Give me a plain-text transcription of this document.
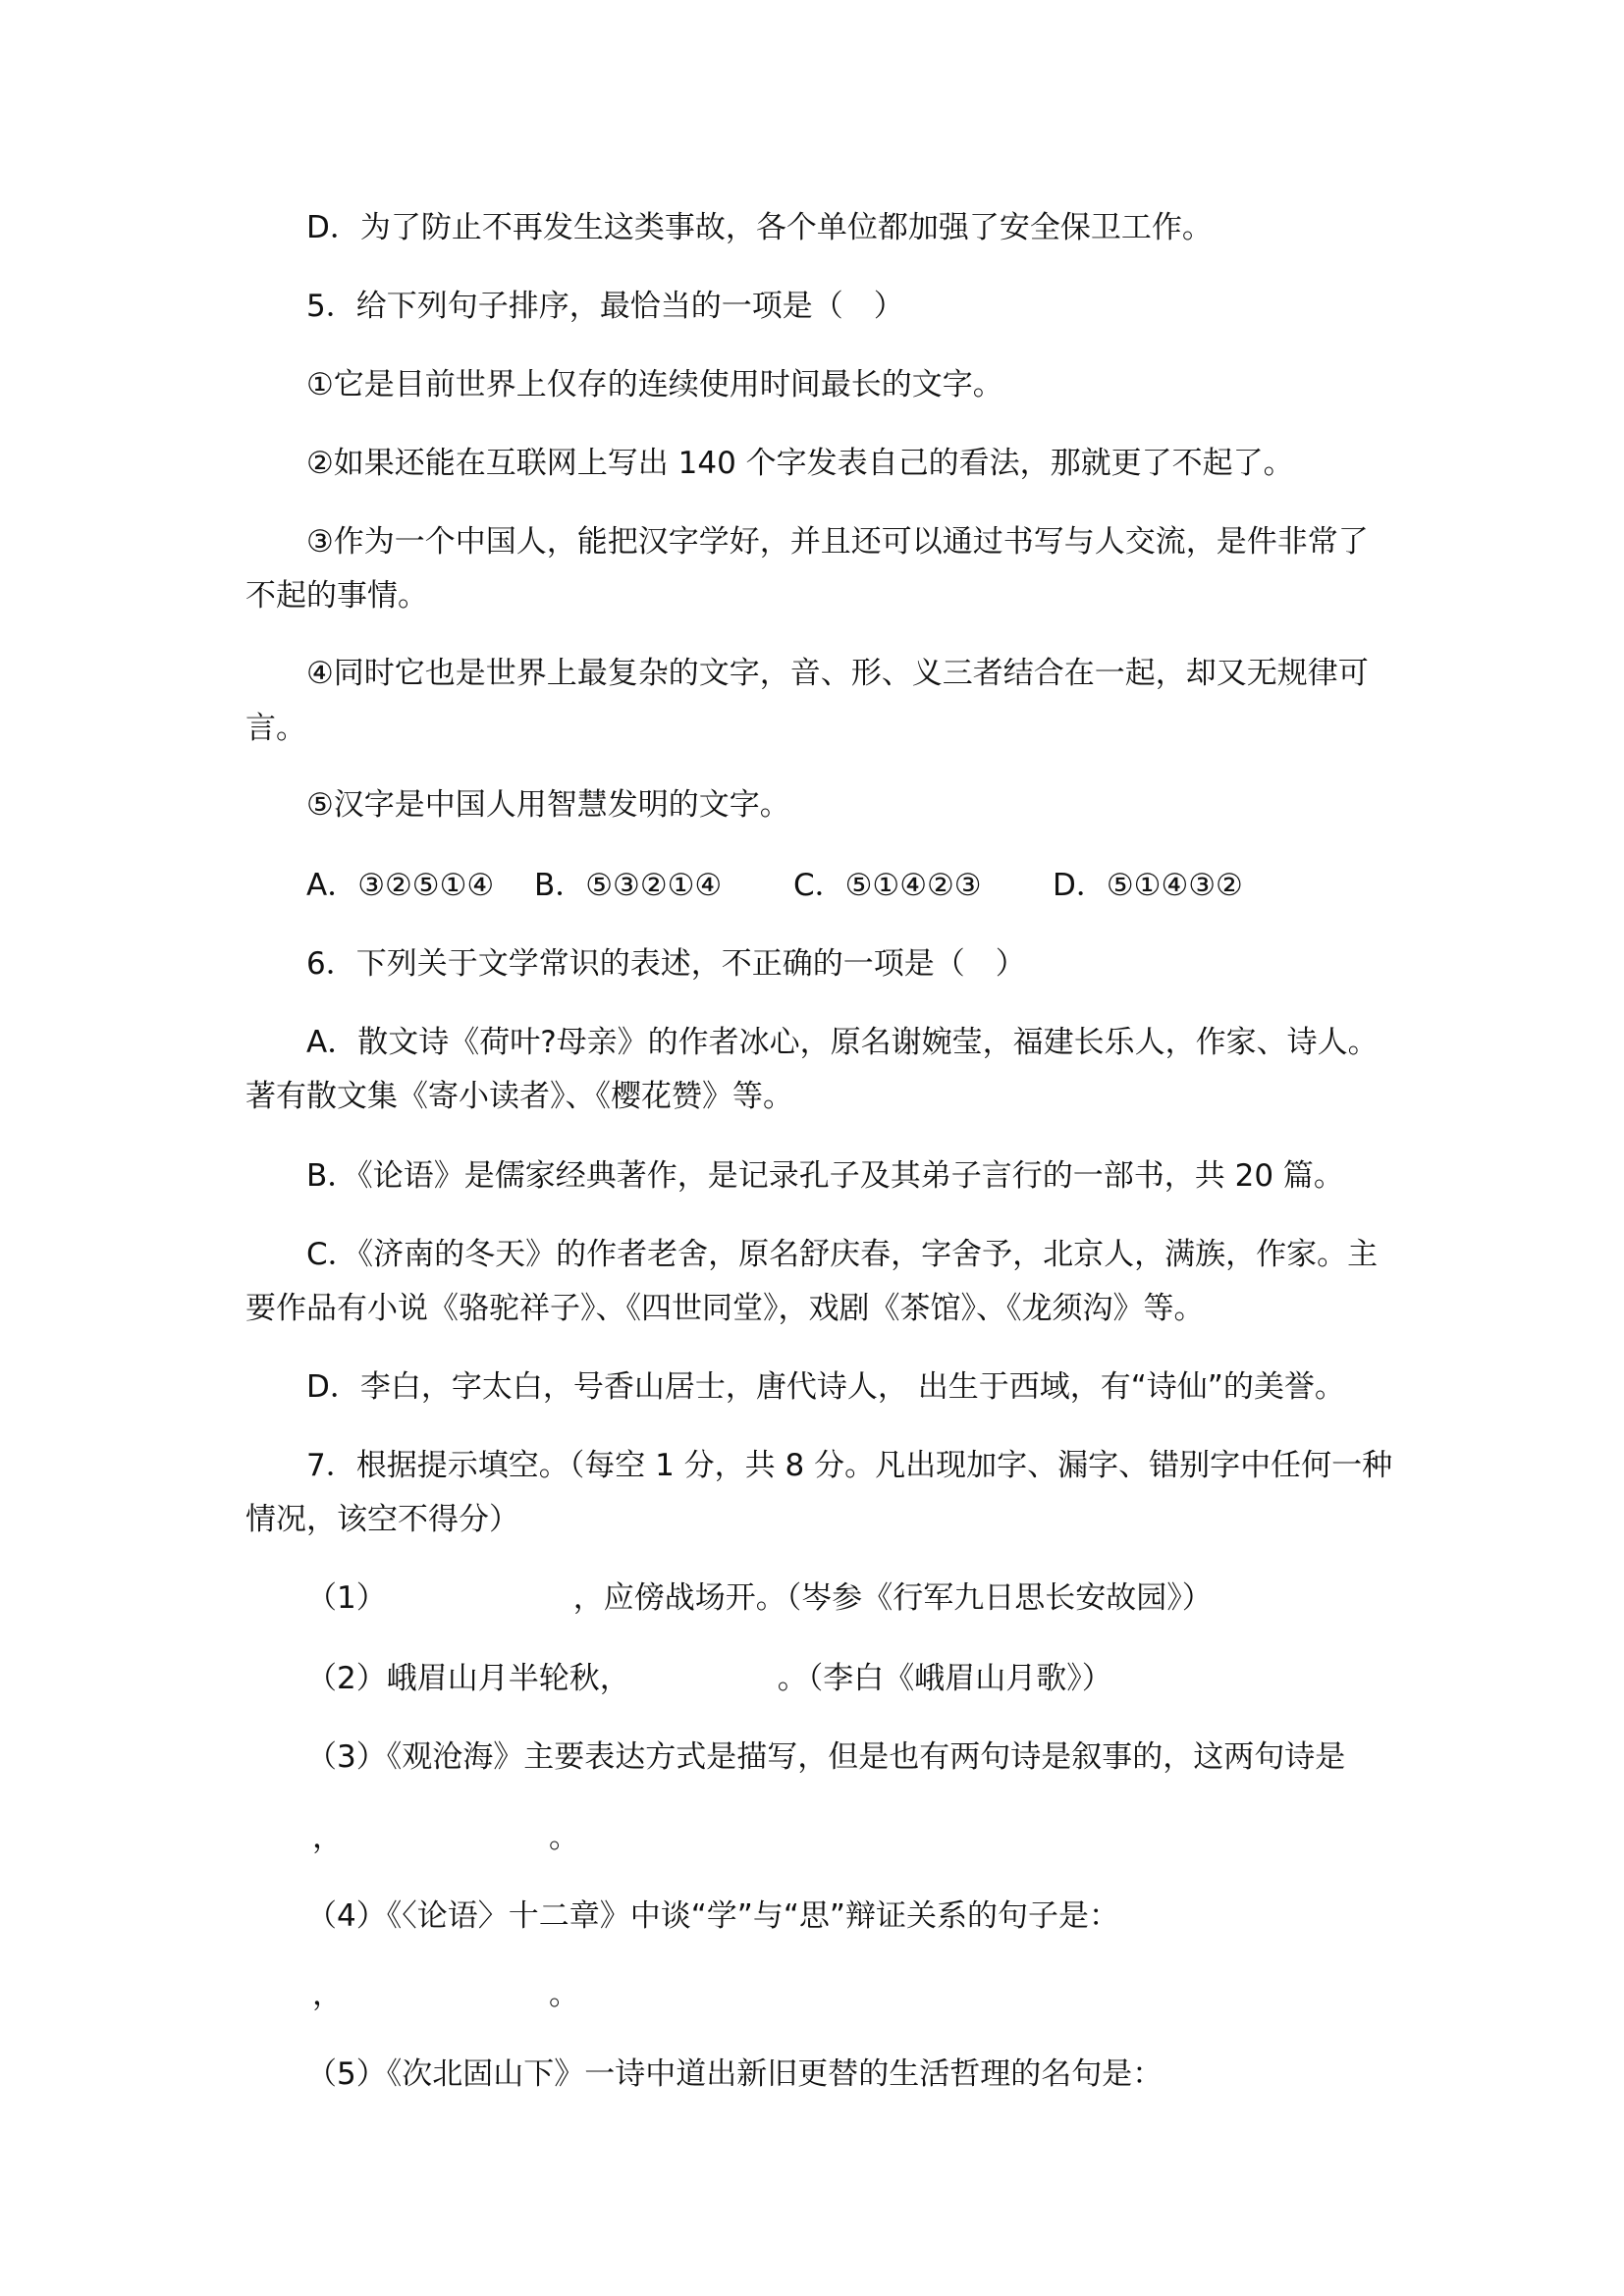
D．为了防止不再发生这类事故，各个单位都加强了安全保卫工作。
5．给下列句子排序，最恰当的一项是（　）
①它是目前世界上仅存的连续使用时间最长的文字。
②如果还能在互联网上写出 140 个字发表自己的看法，那就更了不起了。
③作为一个中国人，能把汉字学好，并且还可以通过书写与人交流，是件非常了
不起的事情。
④同时它也是世界上最复杂的文字，音、形、义三者结合在一起，却又无规律可
言。
⑤汉字是中国人用智慧发明的文字。
A．③②⑤①④ B．⑤③②①④ C．⑤①④②③ D．⑤①④③②
6．下列关于文学常识的表述，不正确的一项是（　）
A．散文诗《荷叶?母亲》的作者冰心，原名谢婉莹，福建长乐人，作家、诗人。
著有散文集《寄小读者》、《樱花赞》等。
B．《论语》是儒家经典著作，是记录孔子及其弟子言行的一部书，共 20 篇。
C．《济南的冬天》的作者老舍，原名舒庆春，字舍予，北京人，满族，作家。主
要作品有小说《骆驼祥子》、《四世同堂》，戏剧《茶馆》、《龙须沟》等。
D．李白，字太白，号香山居士，唐代诗人， 出生于西域，有“诗仙”的美誉。
7．根据提示填空。（每空 1 分，共 8 分。凡出现加字、漏字、错别字中任何一种
情况，该空不得分）
（1）	，应傍战场开。（岑参《行军九日思长安故园》）
（2）峨眉山月半轮秋，	。（李白《峨眉山月歌》）
（3）《观沧海》主要表达方式是描写，但是也有两句诗是叙事的，这两句诗是
，	。
（4）《〈论语〉十二章》中谈“学”与“思”辩证关系的句子是：
，	。
（5）《次北固山下》一诗中道出新旧更替的生活哲理的名句是：
